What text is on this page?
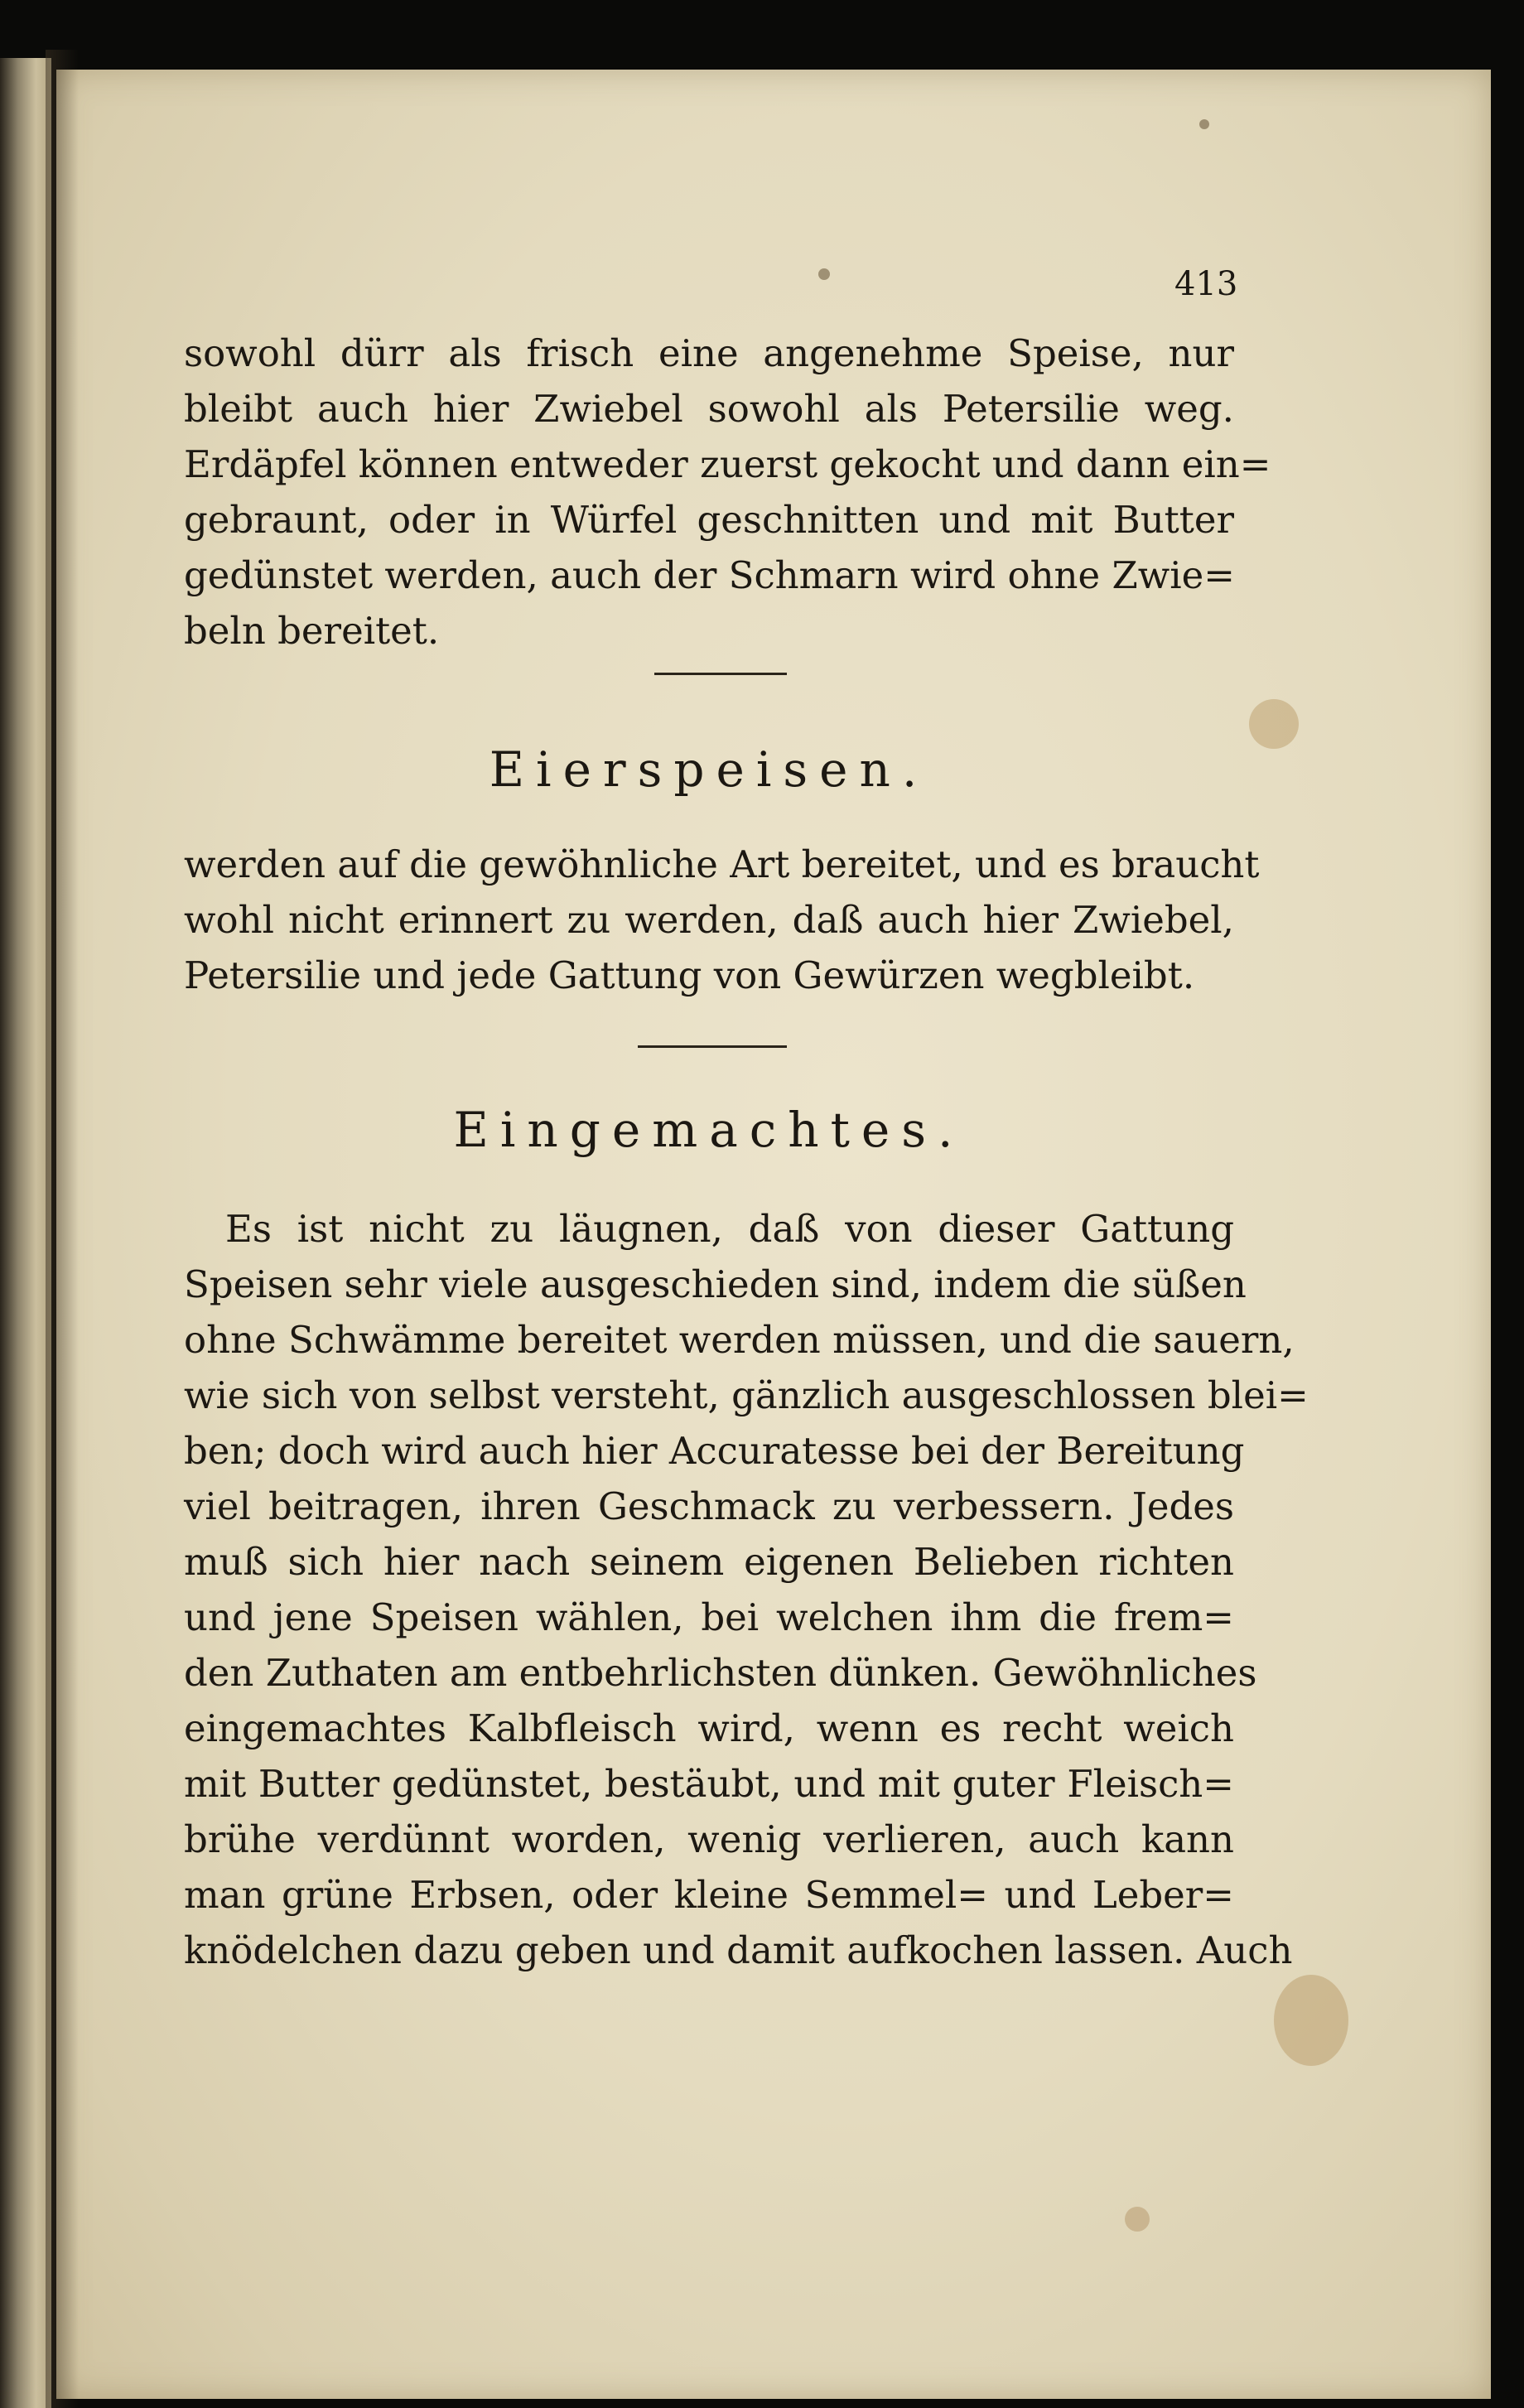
413
sowohl dürr als frisch eine angenehme Speise, nur
bleibt auch hier Zwiebel sowohl als Petersilie weg.
Erdäpfel können entweder zuerst gekocht und dann ein=
gebraunt, oder in Würfel geschnitten und mit Butter
gedünstet werden, auch der Schmarn wird ohne Zwie=
beln bereitet.
Eierspeisen.
werden auf die gewöhnliche Art bereitet, und es braucht
wohl nicht erinnert zu werden, daß auch hier Zwiebel,
Petersilie und jede Gattung von Gewürzen wegbleibt.
Eingemachtes.
Es ist nicht zu läugnen, daß von dieser Gattung
Speisen sehr viele ausgeschieden sind, indem die süßen
ohne Schwämme bereitet werden müssen, und die sauern,
wie sich von selbst versteht, gänzlich ausgeschlossen blei=
ben; doch wird auch hier Accuratesse bei der Bereitung
viel beitragen, ihren Geschmack zu verbessern. Jedes
muß sich hier nach seinem eigenen Belieben richten
und jene Speisen wählen, bei welchen ihm die frem=
den Zuthaten am entbehrlichsten dünken. Gewöhnliches
eingemachtes Kalbfleisch wird, wenn es recht weich
mit Butter gedünstet, bestäubt, und mit guter Fleisch=
brühe verdünnt worden, wenig verlieren, auch kann
man grüne Erbsen, oder kleine Semmel= und Leber=
knödelchen dazu geben und damit aufkochen lassen. Auch
